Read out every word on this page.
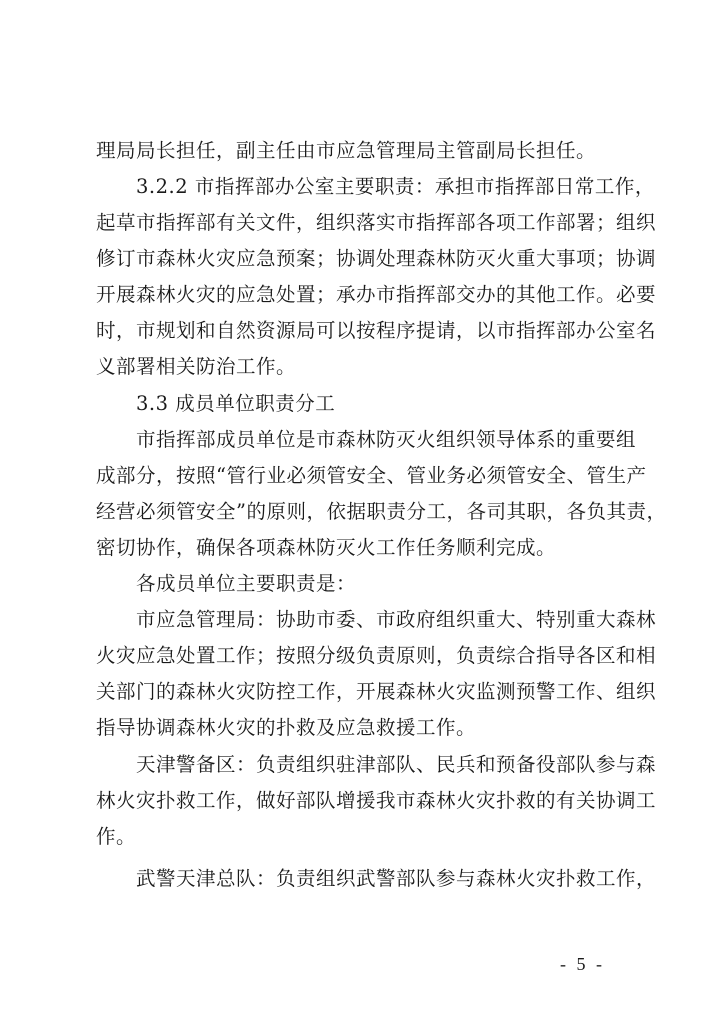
理局局长担任，副主任由市应急管理局主管副局长担任。
3.2.2 市指挥部办公室主要职责：承担市指挥部日常工作，
起草市指挥部有关文件，组织落实市指挥部各项工作部署；组织
修订市森林火灾应急预案；协调处理森林防灭火重大事项；协调
开展森林火灾的应急处置；承办市指挥部交办的其他工作。必要
时，市规划和自然资源局可以按程序提请，以市指挥部办公室名
义部署相关防治工作。
3.3 成员单位职责分工
市指挥部成员单位是市森林防灭火组织领导体系的重要组
成部分，按照“管行业必须管安全、管业务必须管安全、管生产
经营必须管安全”的原则，依据职责分工，各司其职，各负其责，
密切协作，确保各项森林防灭火工作任务顺利完成。
各成员单位主要职责是：
市应急管理局：协助市委、市政府组织重大、特别重大森林
火灾应急处置工作；按照分级负责原则，负责综合指导各区和相
关部门的森林火灾防控工作，开展森林火灾监测预警工作、组织
指导协调森林火灾的扑救及应急救援工作。
天津警备区：负责组织驻津部队、民兵和预备役部队参与森
林火灾扑救工作，做好部队增援我市森林火灾扑救的有关协调工
作。
武警天津总队：负责组织武警部队参与森林火灾扑救工作，
- 5 -
